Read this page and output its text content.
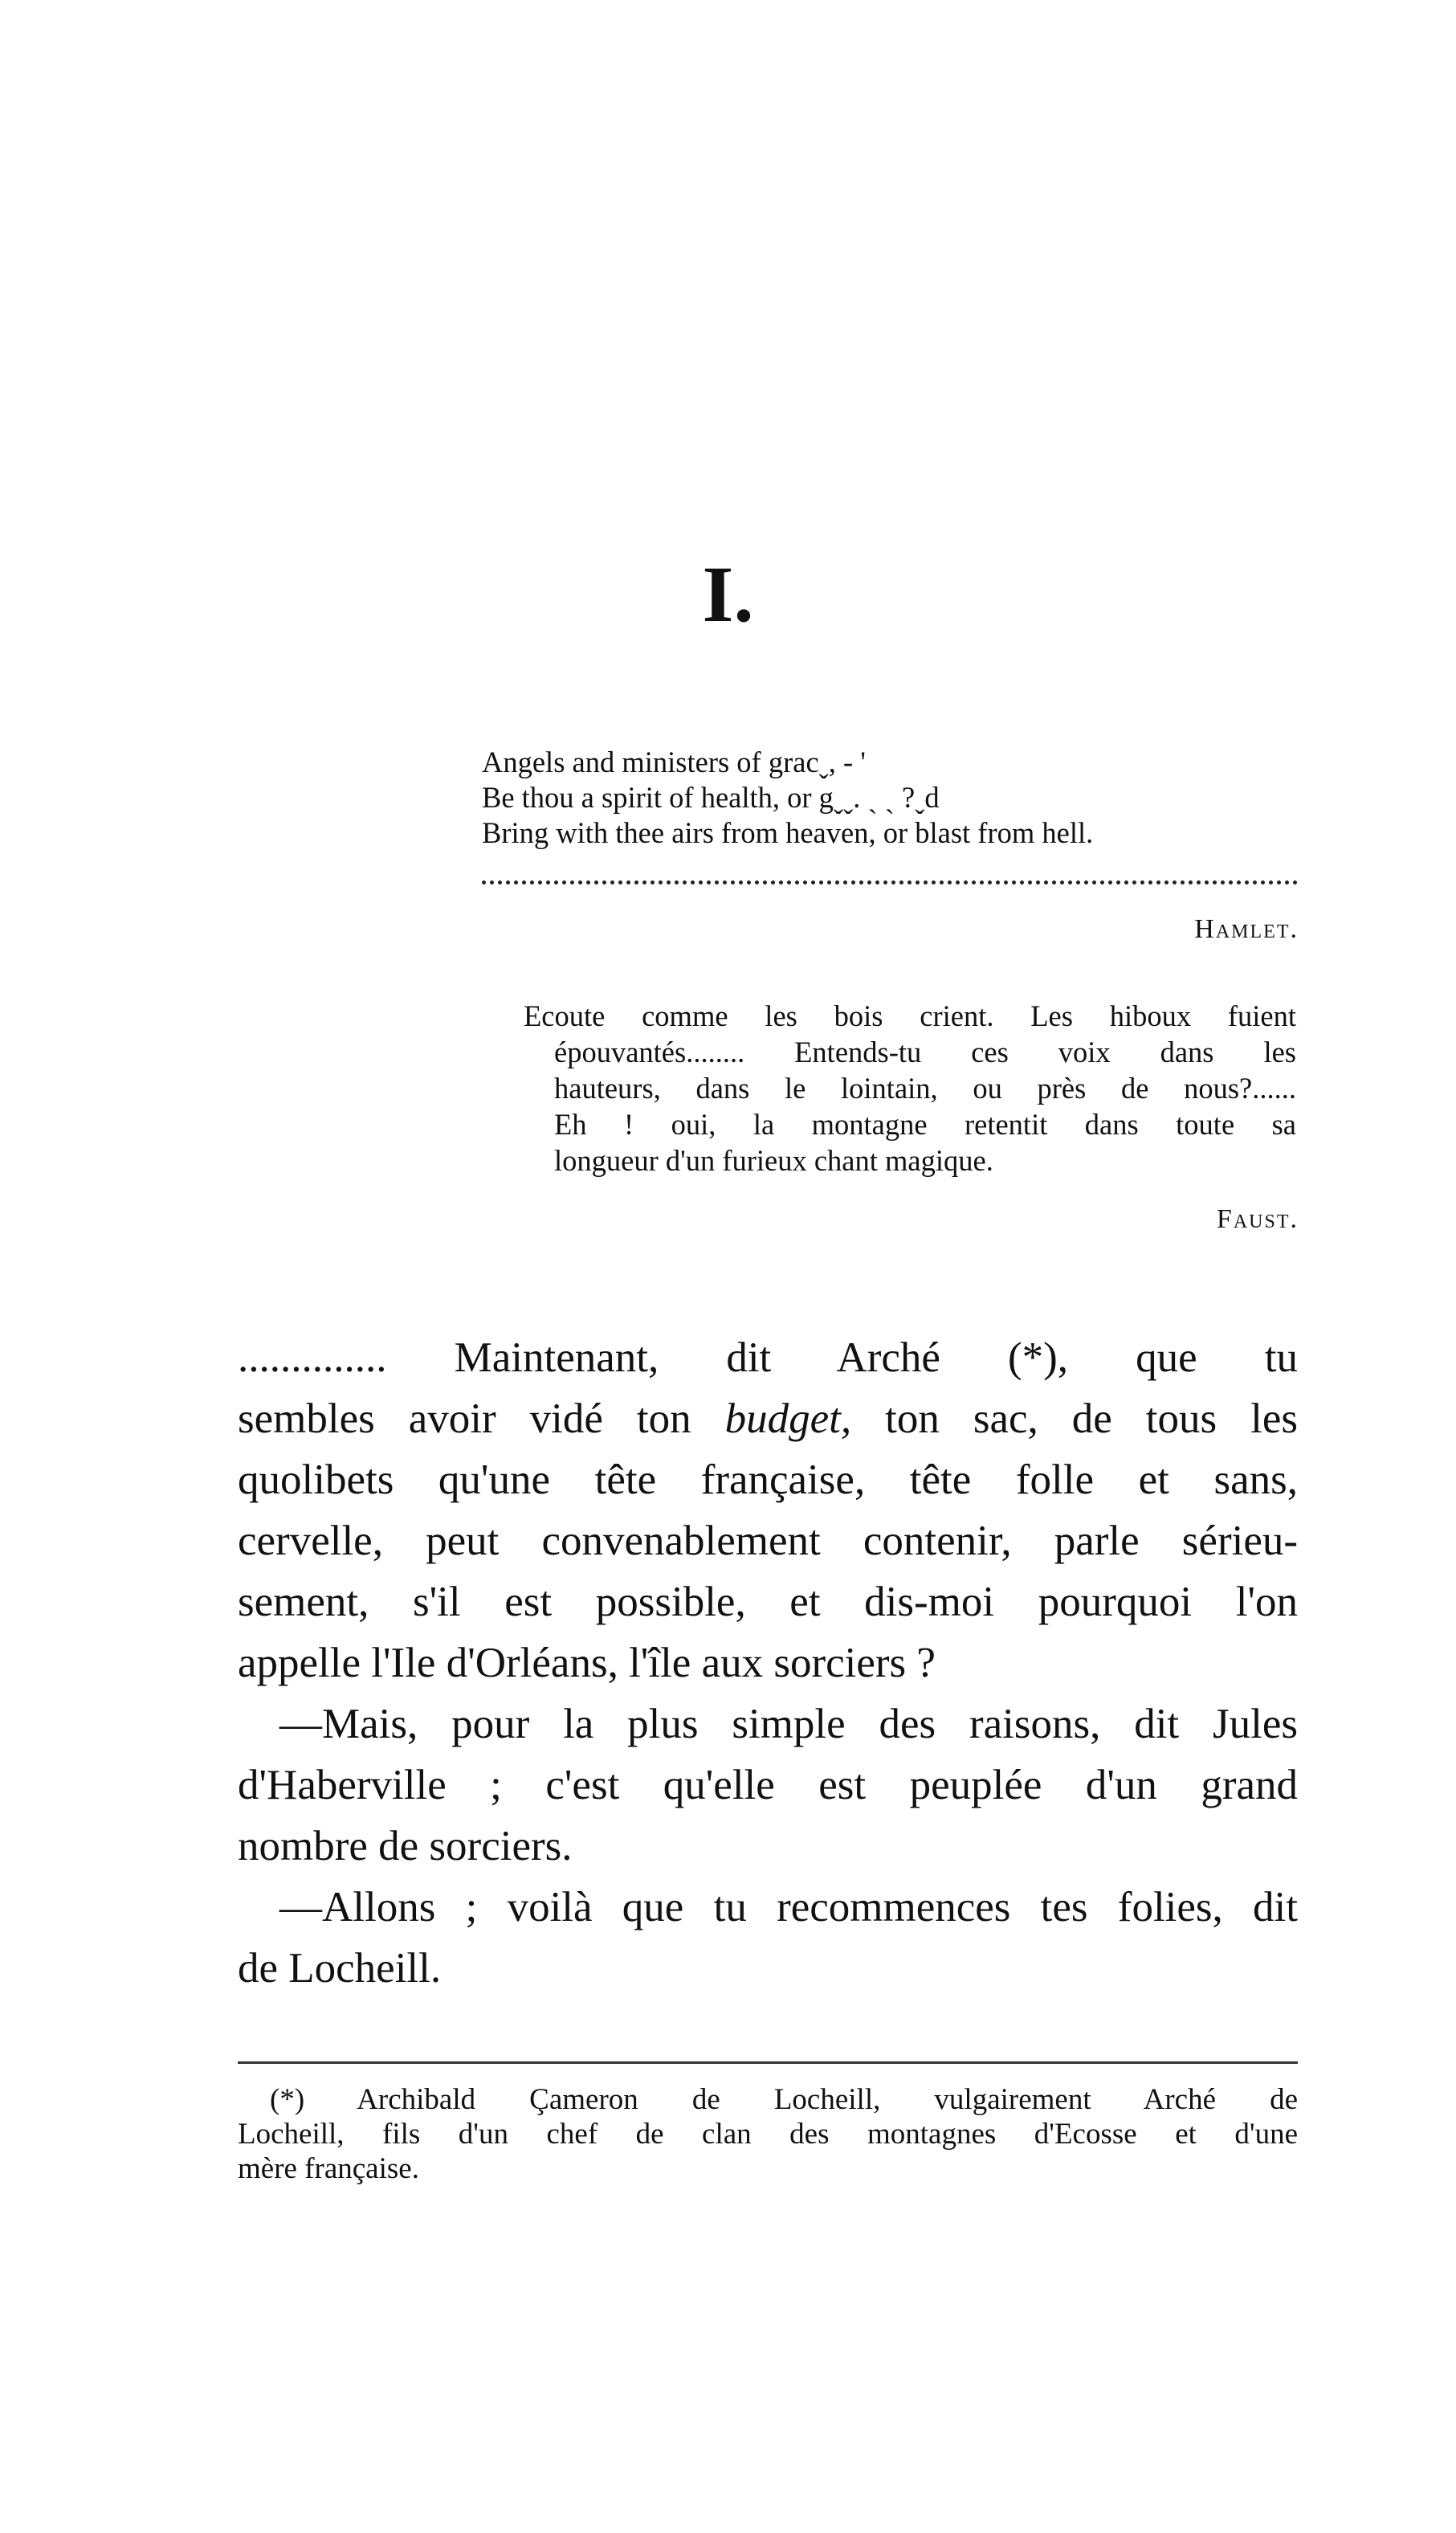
I.
Angels and ministers of gracˬ, - '
Be thou a spirit of health, or gˬˬ. ˏ ˎ ?ˬd
Bring with thee airs from heaven, or blast from hell.
Hamlet.
Ecoute comme les bois crient. Les hiboux fuient
épouvantés........ Entends-tu ces voix dans les
hauteurs, dans le lointain, ou près de nous?......
Eh ! oui, la montagne retentit dans toute sa
longueur d'un furieux chant magique.
Faust.
.............. Maintenant, dit Arché (*), que tu
sembles avoir vidé ton budget, ton sac, de tous les
quolibets qu'une tête française, tête folle et sans,
cervelle, peut convenablement contenir, parle sérieu-
sement, s'il est possible, et dis-moi pourquoi l'on
appelle l'Ile d'Orléans, l'île aux sorciers ?
—Mais, pour la plus simple des raisons, dit Jules
d'Haberville ; c'est qu'elle est peuplée d'un grand
nombre de sorciers.
—Allons ; voilà que tu recommences tes folies, dit
de Locheill.
(*) Archibald Çameron de Locheill, vulgairement Arché de
Locheill, fils d'un chef de clan des montagnes d'Ecosse et d'une
mère française.
